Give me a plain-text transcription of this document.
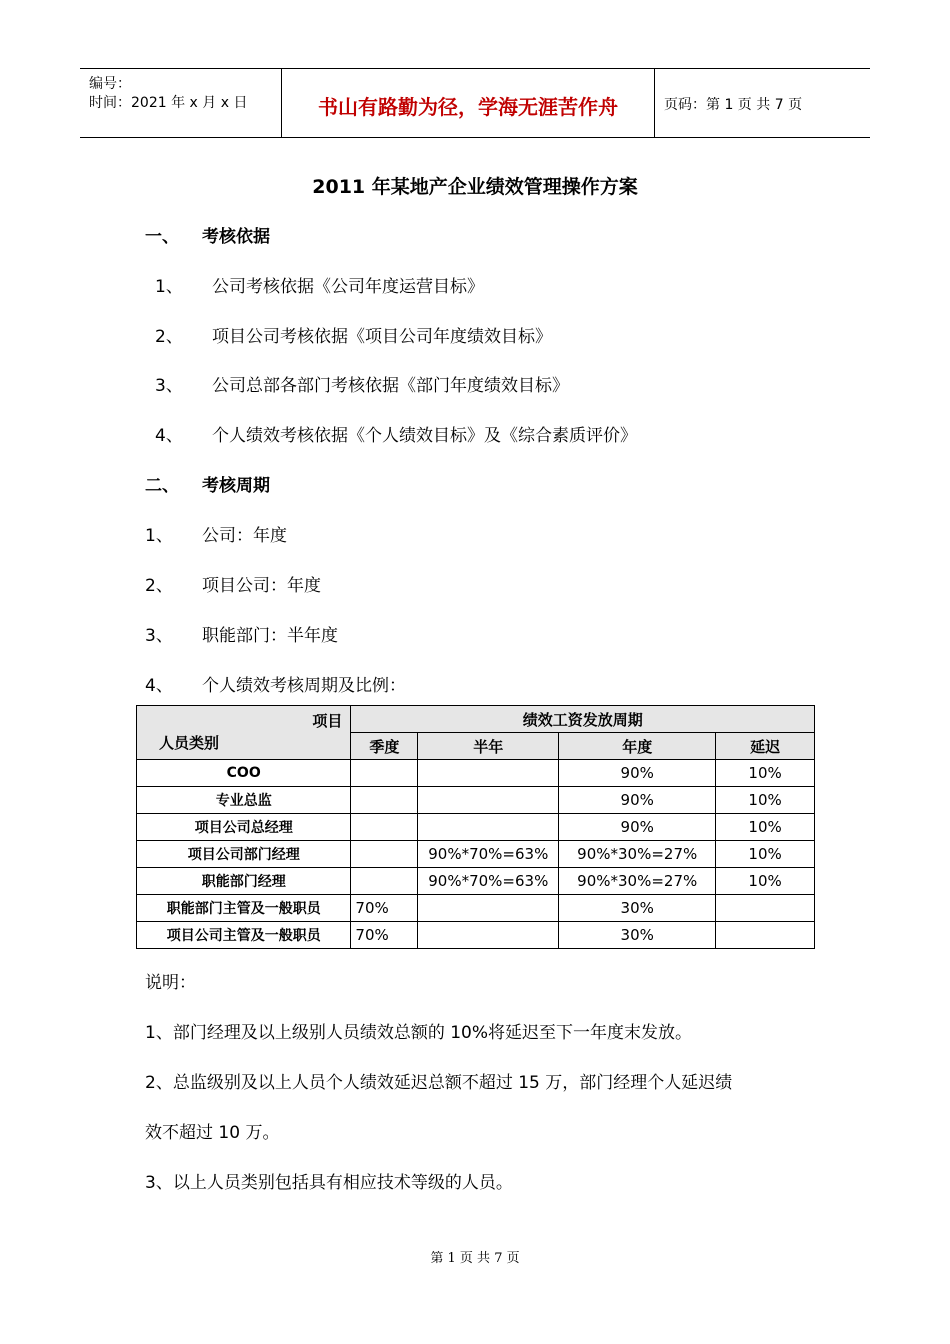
编号：
时间：2021 年 x 月 x 日	书山有路勤为径，学海无涯苦作舟	页码：第 1 页 共 7 页
2011 年某地产企业绩效管理操作方案
一、 考核依据
1、 公司考核依据《公司年度运营目标》
2、 项目公司考核依据《项目公司年度绩效目标》
3、 公司总部各部门考核依据《部门年度绩效目标》
4、 个人绩效考核依据《个人绩效目标》及《综合素质评价》
二、 考核周期
1、 公司：年度
2、 项目公司：年度
3、 职能部门：半年度
4、 个人绩效考核周期及比例：
项目
人员类别	绩效工资发放周期			
	季度	半年	年度	延迟
COO			90%	10%
专业总监			90%	10%
项目公司总经理			90%	10%
项目公司部门经理		90%*70%=63%	90%*30%=27%	10%
职能部门经理		90%*70%=63%	90%*30%=27%	10%
职能部门主管及一般职员	70%		30%	
项目公司主管及一般职员	70%		30%	
说明：
1、部门经理及以上级别人员绩效总额的 10%将延迟至下一年度末发放。
2、总监级别及以上人员个人绩效延迟总额不超过 15 万，部门经理个人延迟绩
效不超过 10 万。
3、以上人员类别包括具有相应技术等级的人员。
第 1 页 共 7 页
